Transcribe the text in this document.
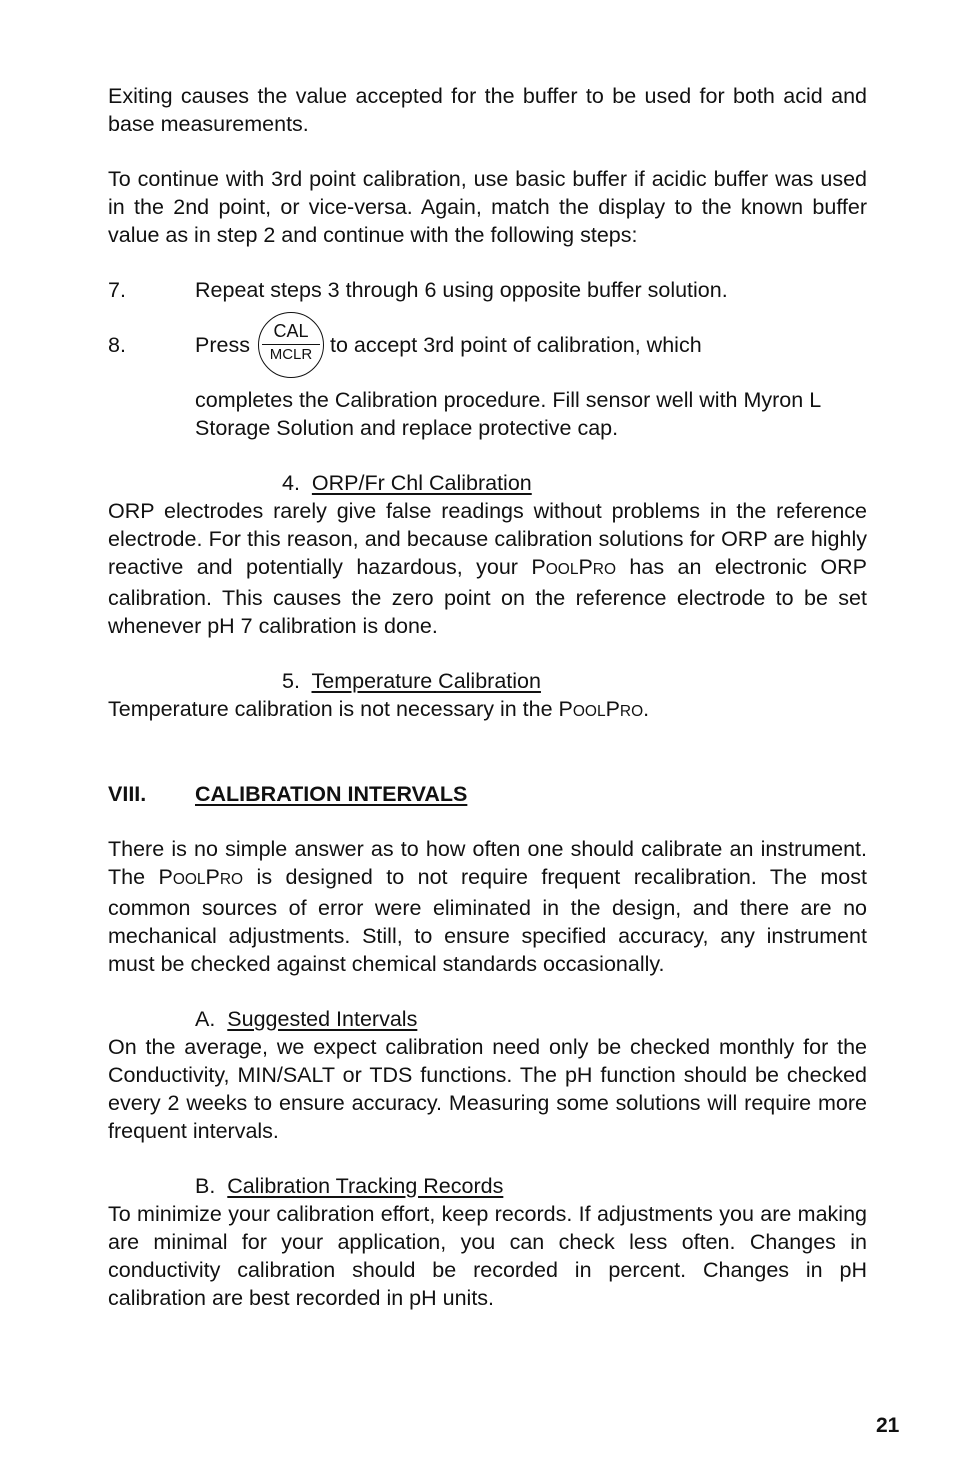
Exiting causes the value accepted for the buffer to be used for both acid and base measurements.

To continue with 3rd point calibration, use basic buffer if acidic buffer was used in the 2nd point, or vice-versa. Again, match the display to the known buffer value as in step 2 and continue with the following steps:

7.	Repeat steps 3 through 6 using opposite buffer solution.
8.	Press
CAL
MCLR to accept 3rd point of calibration, which

completes the Calibration procedure. Fill sensor well with Myron L Storage Solution and replace protective cap.

4. ORP/Fr Chl Calibration

ORP electrodes rarely give false readings without problems in the reference electrode. For this reason, and because calibration solutions for ORP are highly reactive and potentially hazardous, your POOLPRO has an electronic ORP calibration. This causes the zero point on the reference electrode to be set whenever pH 7 calibration is done.

5. Temperature Calibration

Temperature calibration is not necessary in the POOLPRO.

VIII.	CALIBRATION INTERVALS

There is no simple answer as to how often one should calibrate an instrument. The POOLPRO is designed to not require frequent recalibration. The most common sources of error were eliminated in the design, and there are no mechanical adjustments. Still, to ensure specified accuracy, any instrument must be checked against chemical standards occasionally.

A. Suggested Intervals

On the average, we expect calibration need only be checked monthly for the Conductivity, MIN/SALT or TDS functions. The pH function should be checked every 2 weeks to ensure accuracy. Measuring some solutions will require more frequent intervals.

B. Calibration Tracking Records

To minimize your calibration effort, keep records. If adjustments you are making are minimal for your application, you can check less often. Changes in conductivity calibration should be recorded in percent. Changes in pH calibration are best recorded in pH units.

21
